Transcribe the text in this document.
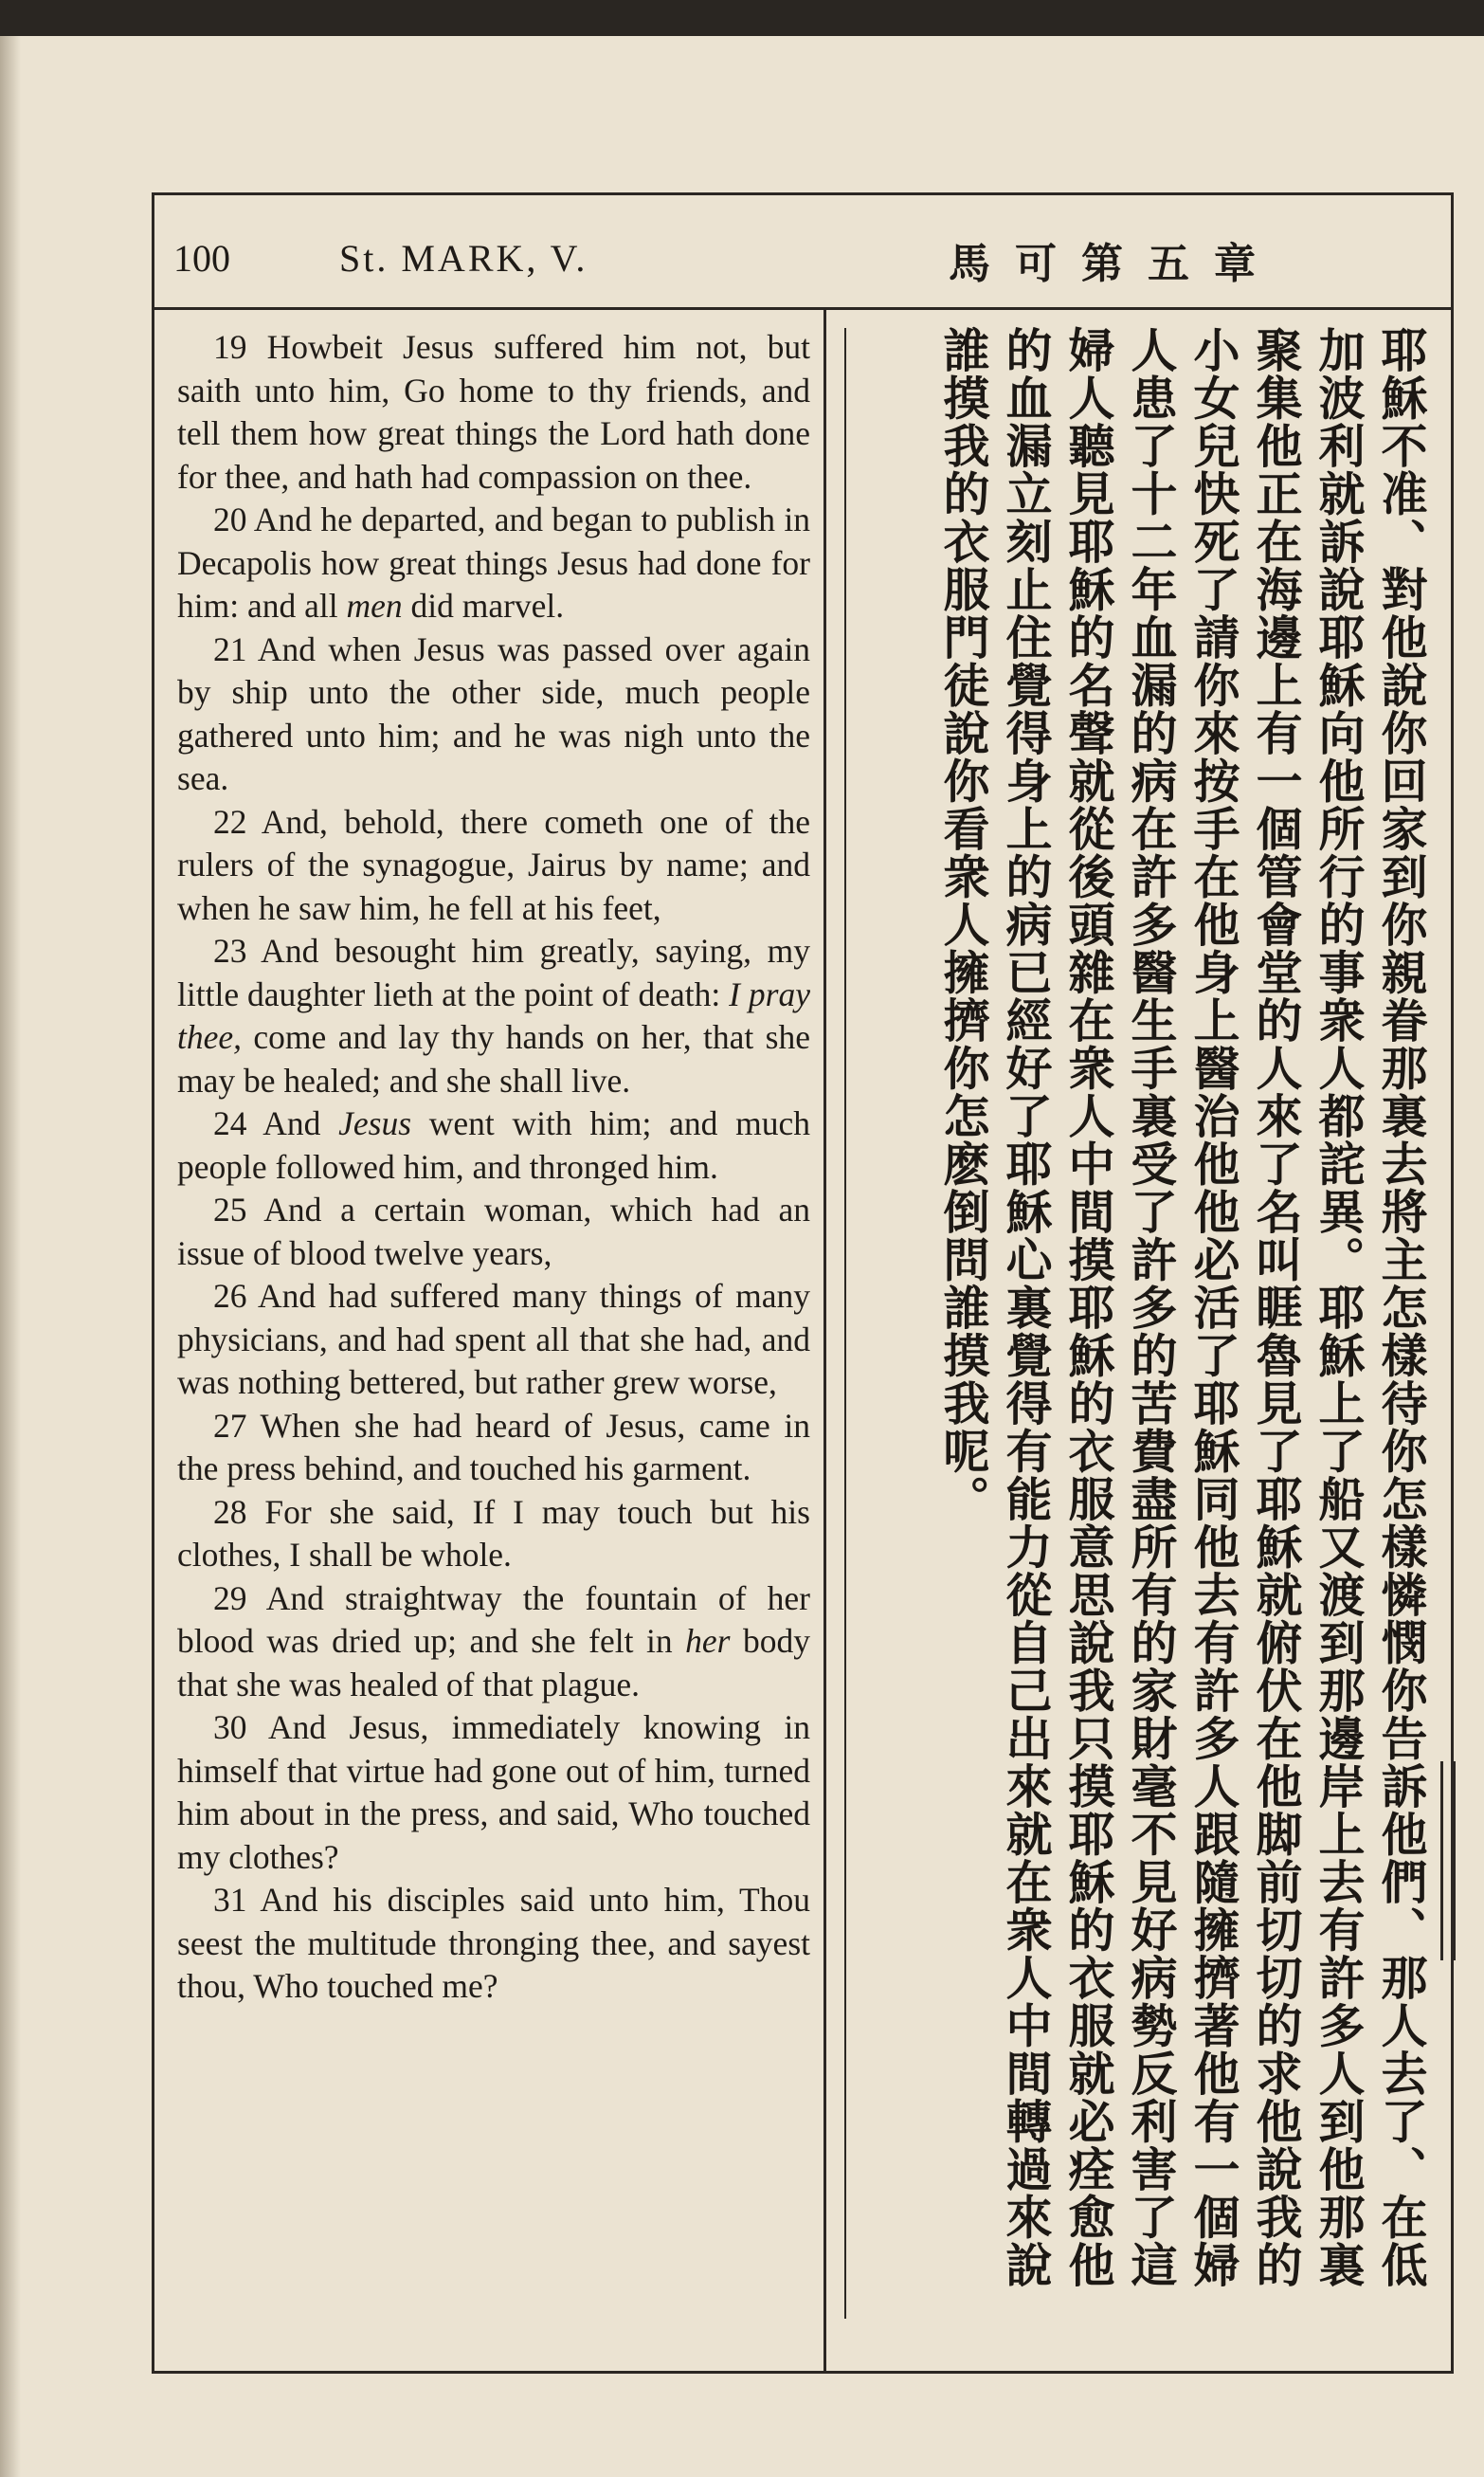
100	St. MARK, V.	馬可第五章

19 Howbeit Jesus suffered him not, but saith unto him, Go home to thy friends, and tell them how great things the Lord hath done for thee, and hath had compassion on thee.

20 And he departed, and began to publish in Decapolis how great things Jesus had done for him: and all men did marvel.

21 And when Jesus was passed over again by ship unto the other side, much people gathered unto him; and he was nigh unto the sea.

22 And, behold, there cometh one of the rulers of the synagogue, Jairus by name; and when he saw him, he fell at his feet,

23 And besought him greatly, saying, my little daughter lieth at the point of death: I pray thee, come and lay thy hands on her, that she may be healed; and she shall live.

24 And Jesus went with him; and much people followed him, and thronged him.

25 And a certain woman, which had an issue of blood twelve years,

26 And had suffered many things of many physicians, and had spent all that she had, and was nothing bettered, but rather grew worse,

27 When she had heard of Jesus, came in the press behind, and touched his garment.

28 For she said, If I may touch but his clothes, I shall be whole.

29 And straightway the fountain of her blood was dried up; and she felt in her body that she was healed of that plague.

30 And Jesus, immediately knowing in himself that virtue had gone out of him, turned him about in the press, and said, Who touched my clothes?

31 And his disciples said unto him, Thou seest the multitude thronging thee, and sayest thou, Who touched me?	耶穌不准、對他說你回家到你親眷那裏去將主怎樣待你怎樣憐憫你告訴他們、那人去了、在低加波利就訴說耶穌向他所行的事衆人都詫異。耶穌上了船又渡到那邊岸上去有許多人到他那裏聚集他正在海邊上有一個管會堂的人來了名叫睚魯見了耶穌就俯伏在他脚前切切的求他說我的小女兒快死了請你來按手在他身上醫治他他必活了耶穌同他去有許多人跟隨擁擠著他有一個婦人患了十二年血漏的病在許多醫生手裏受了許多的苦費盡所有的家財毫不見好病勢反利害了這婦人聽見耶穌的名聲就從後頭雜在衆人中間摸耶穌的衣服意思說我只摸耶穌的衣服就必痊愈他的血漏立刻止住覺得身上的病已經好了耶穌心裏覺得有能力從自己出來就在衆人中間轉過來說誰摸我的衣服門徒說你看衆人擁擠你怎麽倒問誰摸我呢。
